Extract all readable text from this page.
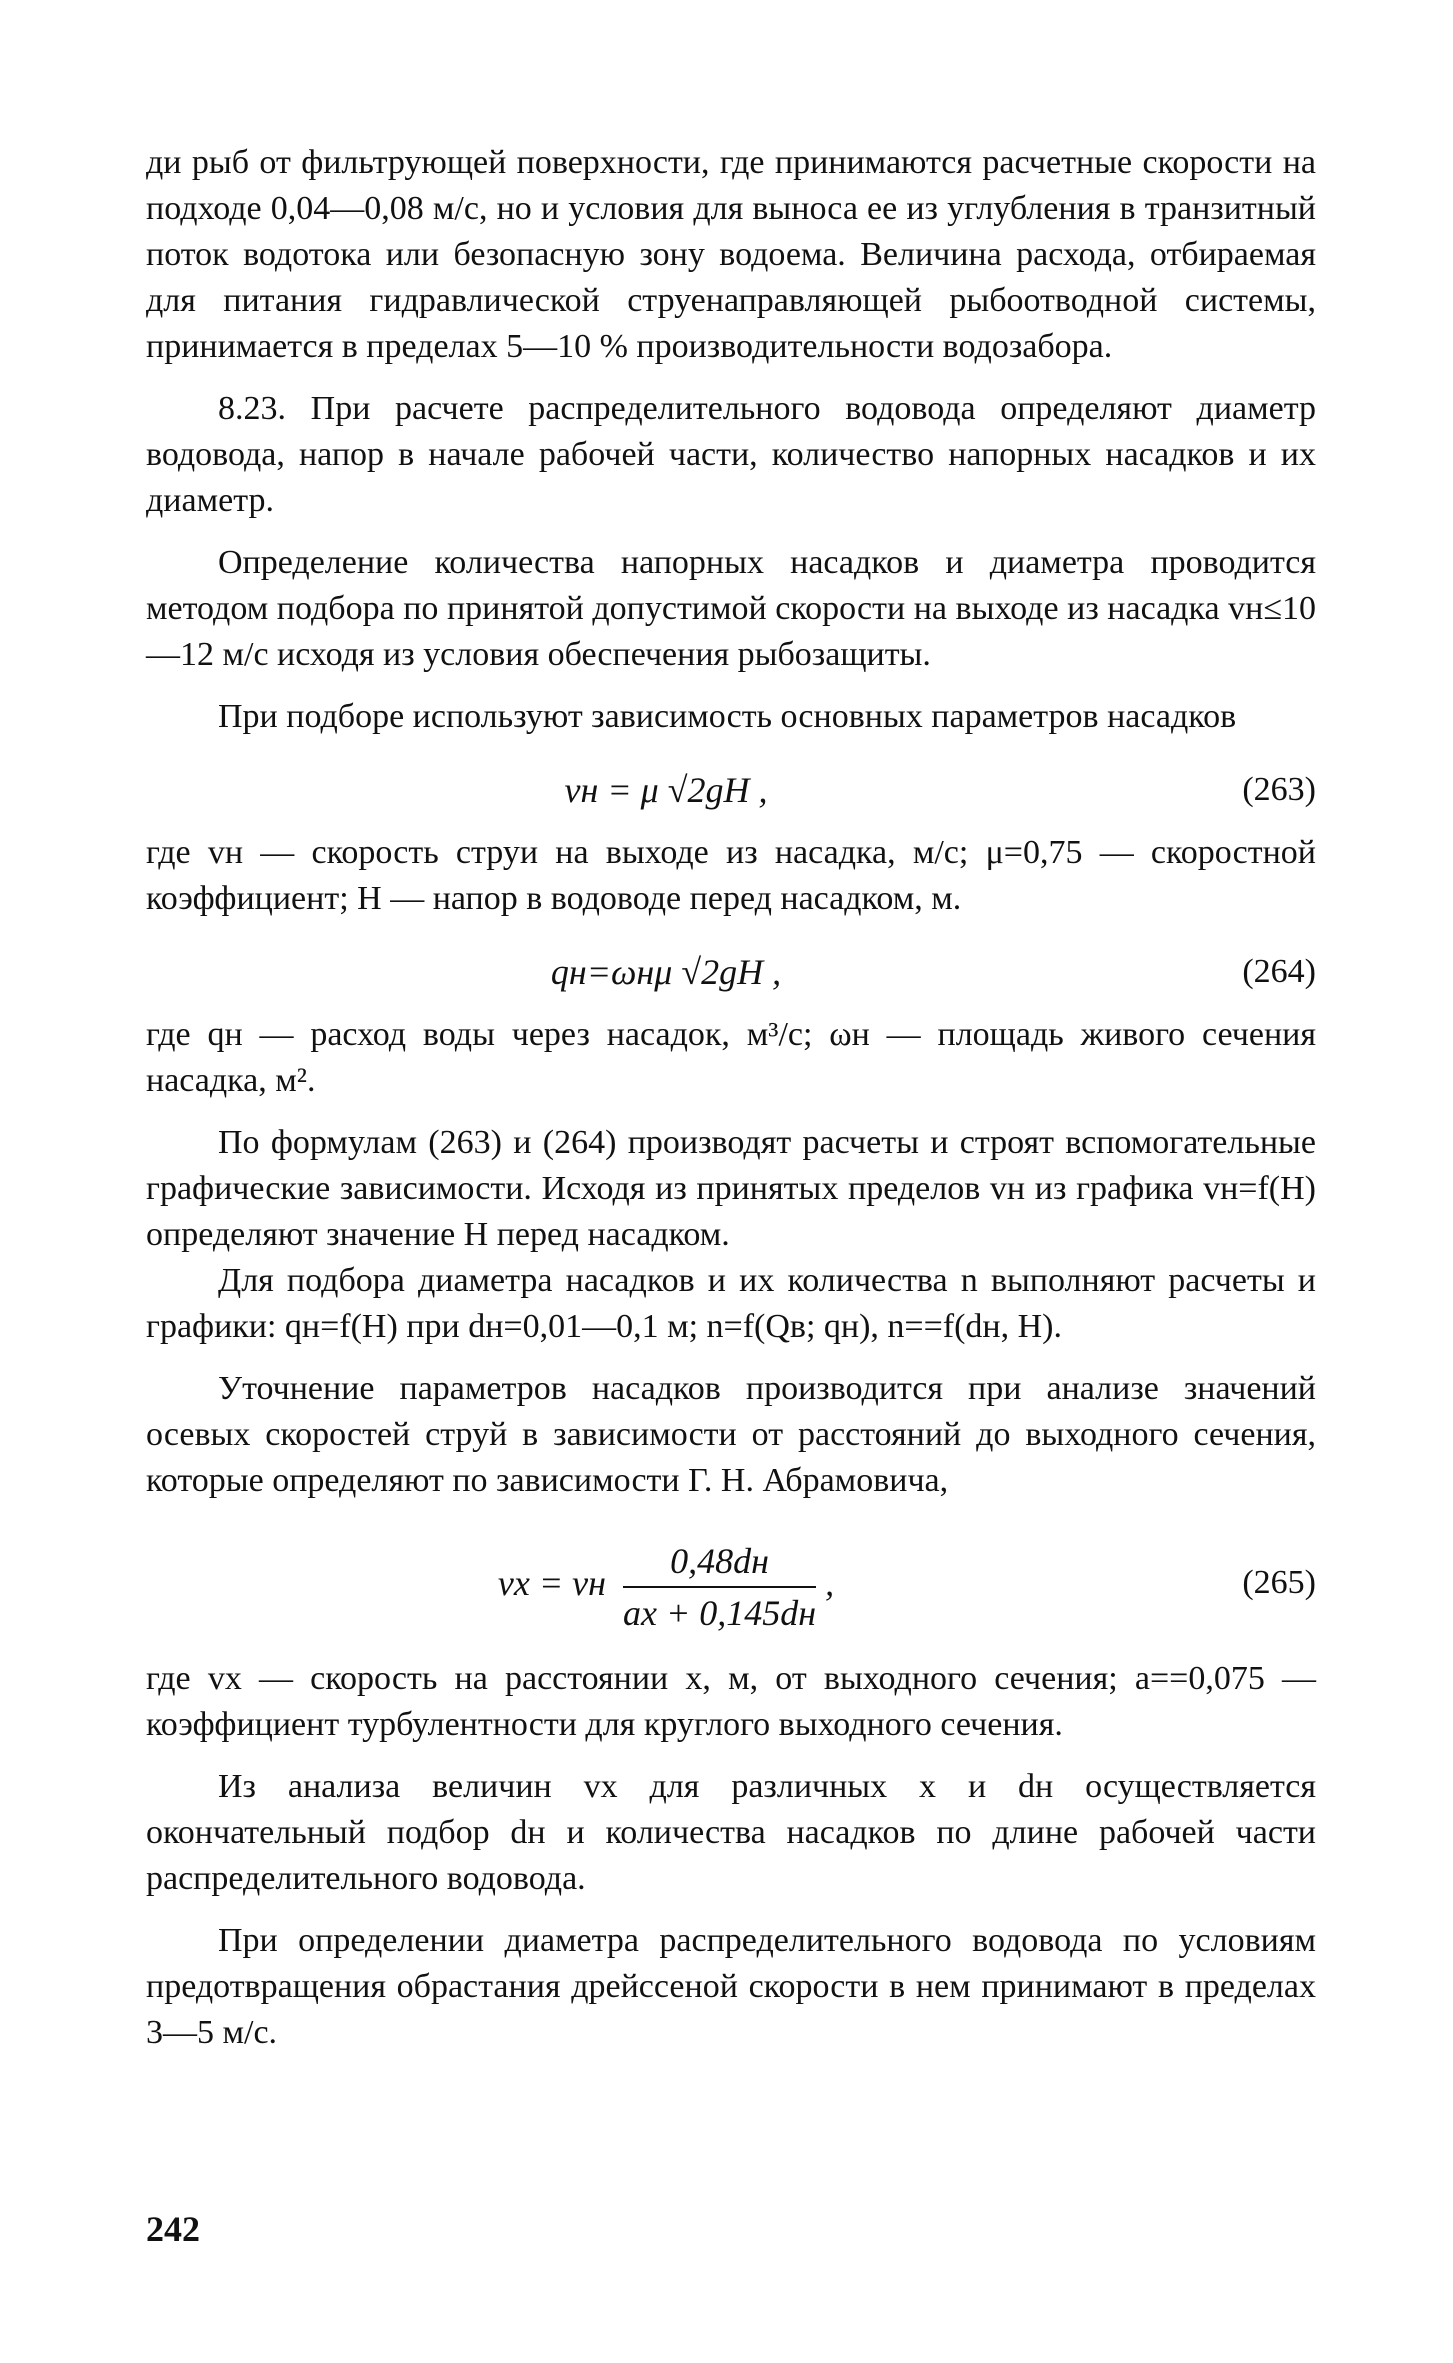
ди рыб от фильтрующей поверхности, где принимаются расчетные скорости на подходе 0,04—0,08 м/с, но и условия для выноса ее из углубления в транзитный поток водотока или безопасную зону водоема. Величина расхода, отбираемая для питания гидравлической струенаправляющей рыбоотводной системы, принимается в пределах 5—10 % производительности водозабора.

8.23. При расчете распределительного водовода определяют диаметр водовода, напор в начале рабочей части, количество напорных насадков и их диаметр.

Определение количества напорных насадков и диаметра проводится методом подбора по принятой допустимой скорости на выходе из насадка vн≤10—12 м/с исходя из условия обеспечения рыбозащиты.

При подборе используют зависимость основных параметров насадков

vн = μ √2gH ,	(263)

где vн — скорость струи на выходе из насадка, м/с; μ=0,75 — скоростной коэффициент; H — напор в водоводе перед насадком, м.

qн=ωнμ √2gH ,	(264)

где qн — расход воды через насадок, м³/с; ωн — площадь живого сечения насадка, м².

По формулам (263) и (264) производят расчеты и строят вспомогательные графические зависимости. Исходя из принятых пределов vн из графика vн=f(H) определяют значение H перед насадком.

Для подбора диаметра насадков и их количества n выполняют расчеты и графики: qн=f(H) при dн=0,01—0,1 м; n=f(Qв; qн), n==f(dн, H).

Уточнение параметров насадков производится при анализе значений осевых скоростей струй в зависимости от расстояний до выходного сечения, которые определяют по зависимости Г. Н. Абрамовича,

vx = vн $\frac{0,48dн}{ax + 0,145dн}$ ,	(265)

где vx — скорость на расстоянии x, м, от выходного сечения; a==0,075 — коэффициент турбулентности для круглого выходного сечения.

Из анализа величин vx для различных x и dн осуществляется окончательный подбор dн и количества насадков по длине рабочей части распределительного водовода.

При определении диаметра распределительного водовода по условиям предотвращения обрастания дрейссеной скорости в нем принимают в пределах 3—5 м/с.

242
